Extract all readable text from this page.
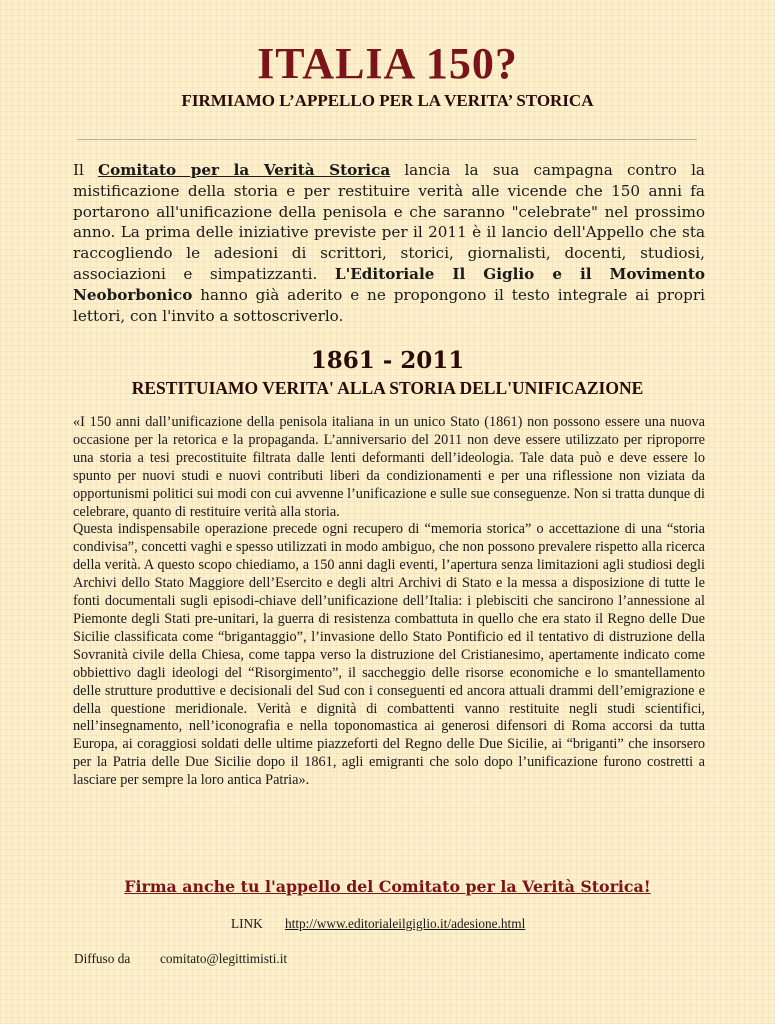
ITALIA 150?
FIRMIAMO L’APPELLO PER LA VERITA’ STORICA
Il Comitato per la Verità Storica lancia la sua campagna contro la mistificazione della storia e per restituire verità alle vicende che 150 anni fa portarono all'unificazione della penisola e che saranno "celebrate" nel prossimo anno. La prima delle iniziative previste per il 2011 è il lancio dell'Appello che sta raccogliendo le adesioni di scrittori, storici, giornalisti, docenti, studiosi, associazioni e simpatizzanti. L'Editoriale Il Giglio e il Movimento Neoborbonico hanno già aderito e ne propongono il testo integrale ai propri lettori, con l'invito a sottoscriverlo.
1861 - 2011
RESTITUIAMO VERITA' ALLA STORIA DELL'UNIFICAZIONE

«I 150 anni dall’unificazione della penisola italiana in un unico Stato (1861) non possono essere una nuova occasione per la retorica e la propaganda. L’anniversario del 2011 non deve essere utilizzato per riproporre una storia a tesi precostituite filtrata dalle lenti deformanti dell’ideologia. Tale data può e deve essere lo spunto per nuovi studi e nuovi contributi liberi da condizionamenti e per una riflessione non viziata da opportunismi politici sui modi con cui avvenne l’unificazione e sulle sue conseguenze. Non si tratta dunque di celebrare, quanto di restituire verità alla storia.

Questa indispensabile operazione precede ogni recupero di “memoria storica” o accettazione di una “storia condivisa”, concetti vaghi e spesso utilizzati in modo ambiguo, che non possono prevalere rispetto alla ricerca della verità. A questo scopo chiediamo, a 150 anni dagli eventi, l’apertura senza limitazioni agli studiosi degli Archivi dello Stato Maggiore dell’Esercito e degli altri Archivi di Stato e la messa a disposizione di tutte le fonti documentali sugli episodi-chiave dell’unificazione dell’Italia: i plebisciti che sancirono l’annessione al Piemonte degli Stati pre-unitari, la guerra di resistenza combattuta in quello che era stato il Regno delle Due Sicilie classificata come “brigantaggio”, l’invasione dello Stato Pontificio ed il tentativo di distruzione della Sovranità civile della Chiesa, come tappa verso la distruzione del Cristianesimo, apertamente indicato come obbiettivo dagli ideologi del “Risorgimento”, il saccheggio delle risorse economiche e lo smantellamento delle strutture produttive e decisionali del Sud con i conseguenti ed ancora attuali drammi dell’emigrazione e della questione meridionale. Verità e dignità di combattenti vanno restituite negli studi scientifici, nell’insegnamento, nell’iconografia e nella toponomastica ai generosi difensori di Roma accorsi da tutta Europa, ai coraggiosi soldati delle ultime piazzeforti del Regno delle Due Sicilie, ai “briganti” che insorsero per la Patria delle Due Sicilie dopo il 1861, agli emigranti che solo dopo l’unificazione furono costretti a lasciare per sempre la loro antica Patria».

Firma anche tu l'appello del Comitato per la Verità Storica!
LINK http://www.editorialeilgiglio.it/adesione.html
Diffuso da comitato@legittimisti.it
